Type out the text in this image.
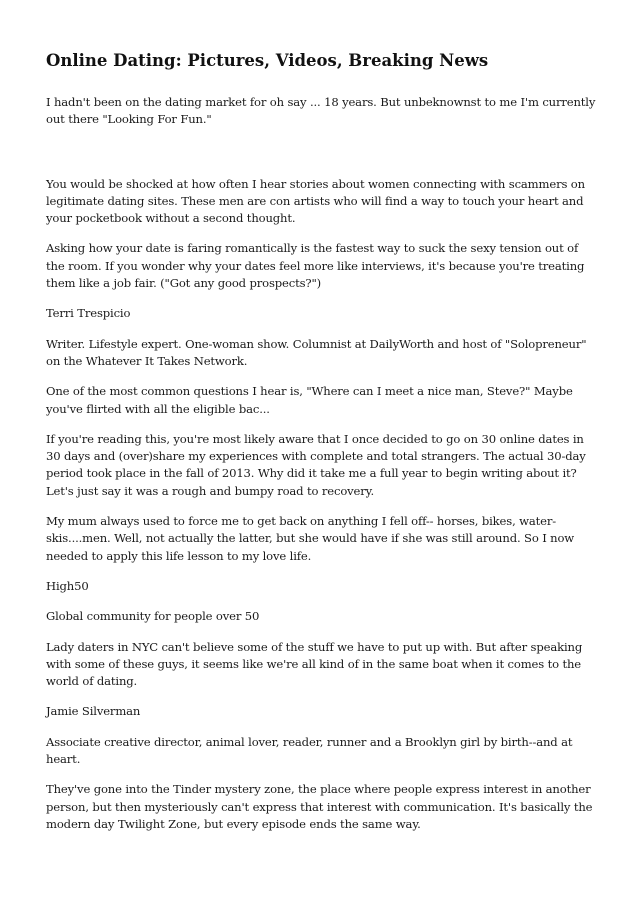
Online Dating: Pictures, Videos, Breaking News

I hadn't been on the dating market for oh say ... 18 years. But unbeknownst to me I'm currently out there "Looking For Fun."

You would be shocked at how often I hear stories about women connecting with scammers on legitimate dating sites. These men are con artists who will find a way to touch your heart and your pocketbook without a second thought.

Asking how your date is faring romantically is the fastest way to suck the sexy tension out of the room. If you wonder why your dates feel more like interviews, it's because you're treating them like a job fair. ("Got any good prospects?")

Terri Trespicio

Writer. Lifestyle expert. One-woman show. Columnist at DailyWorth and host of "Solopreneur" on the Whatever It Takes Network.

One of the most common questions I hear is, "Where can I meet a nice man, Steve?" Maybe you've flirted with all the eligible bac...

If you're reading this, you're most likely aware that I once decided to go on 30 online dates in 30 days and (over)share my experiences with complete and total strangers. The actual 30-day period took place in the fall of 2013. Why did it take me a full year to begin writing about it? Let's just say it was a rough and bumpy road to recovery.

My mum always used to force me to get back on anything I fell off-- horses, bikes, water-skis....men. Well, not actually the latter, but she would have if she was still around. So I now needed to apply this life lesson to my love life.

High50

Global community for people over 50

Lady daters in NYC can't believe some of the stuff we have to put up with. But after speaking with some of these guys, it seems like we're all kind of in the same boat when it comes to the world of dating.

Jamie Silverman

Associate creative director, animal lover, reader, runner and a Brooklyn girl by birth--and at heart.

They've gone into the Tinder mystery zone, the place where people express interest in another person, but then mysteriously can't express that interest with communication. It's basically the modern day Twilight Zone, but every episode ends the same way.
